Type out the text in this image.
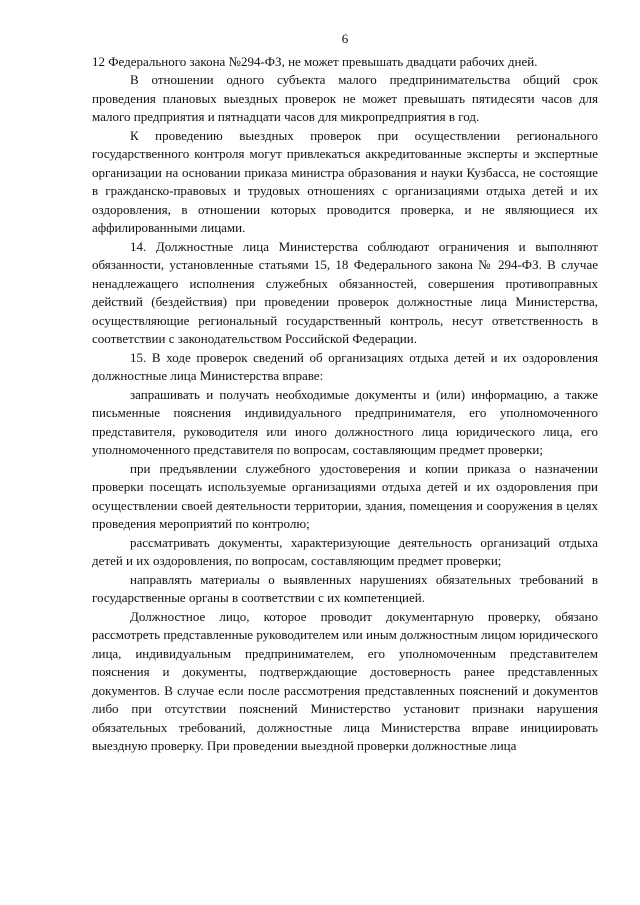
6

12 Федерального закона №294-ФЗ, не может превышать двадцати рабочих дней.

В отношении одного субъекта малого предпринимательства общий срок проведения плановых выездных проверок не может превышать пятидесяти часов для малого предприятия и пятнадцати часов для микропредприятия в год.

К проведению выездных проверок при осуществлении регионального государственного контроля могут привлекаться аккредитованные эксперты и экспертные организации на основании приказа министра образования и науки Кузбасса, не состоящие в гражданско-правовых и трудовых отношениях с организациями отдыха детей и их оздоровления, в отношении которых проводится проверка, и не являющиеся их аффилированными лицами.

14. Должностные лица Министерства соблюдают ограничения и выполняют обязанности, установленные статьями 15, 18 Федерального закона № 294-ФЗ. В случае ненадлежащего исполнения служебных обязанностей, совершения противоправных действий (бездействия) при проведении проверок должностные лица Министерства, осуществляющие региональный государственный контроль, несут ответственность в соответствии с законодательством Российской Федерации.

15. В ходе проверок сведений об организациях отдыха детей и их оздоровления должностные лица Министерства вправе:

запрашивать и получать необходимые документы и (или) информацию, а также письменные пояснения индивидуального предпринимателя, его уполномоченного представителя, руководителя или иного должностного лица юридического лица, его уполномоченного представителя по вопросам, составляющим предмет проверки;

при предъявлении служебного удостоверения и копии приказа о назначении проверки посещать используемые организациями отдыха детей и их оздоровления при осуществлении своей деятельности территории, здания, помещения и сооружения в целях проведения мероприятий по контролю;

рассматривать документы, характеризующие деятельность организаций отдыха детей и их оздоровления, по вопросам, составляющим предмет проверки;

направлять материалы о выявленных нарушениях обязательных требований в государственные органы в соответствии с их компетенцией.

Должностное лицо, которое проводит документарную проверку, обязано рассмотреть представленные руководителем или иным должностным лицом юридического лица, индивидуальным предпринимателем, его уполномоченным представителем пояснения и документы, подтверждающие достоверность ранее представленных документов. В случае если после рассмотрения представленных пояснений и документов либо при отсутствии пояснений Министерство установит признаки нарушения обязательных требований, должностные лица Министерства вправе инициировать выездную проверку. При проведении выездной проверки должностные лица
